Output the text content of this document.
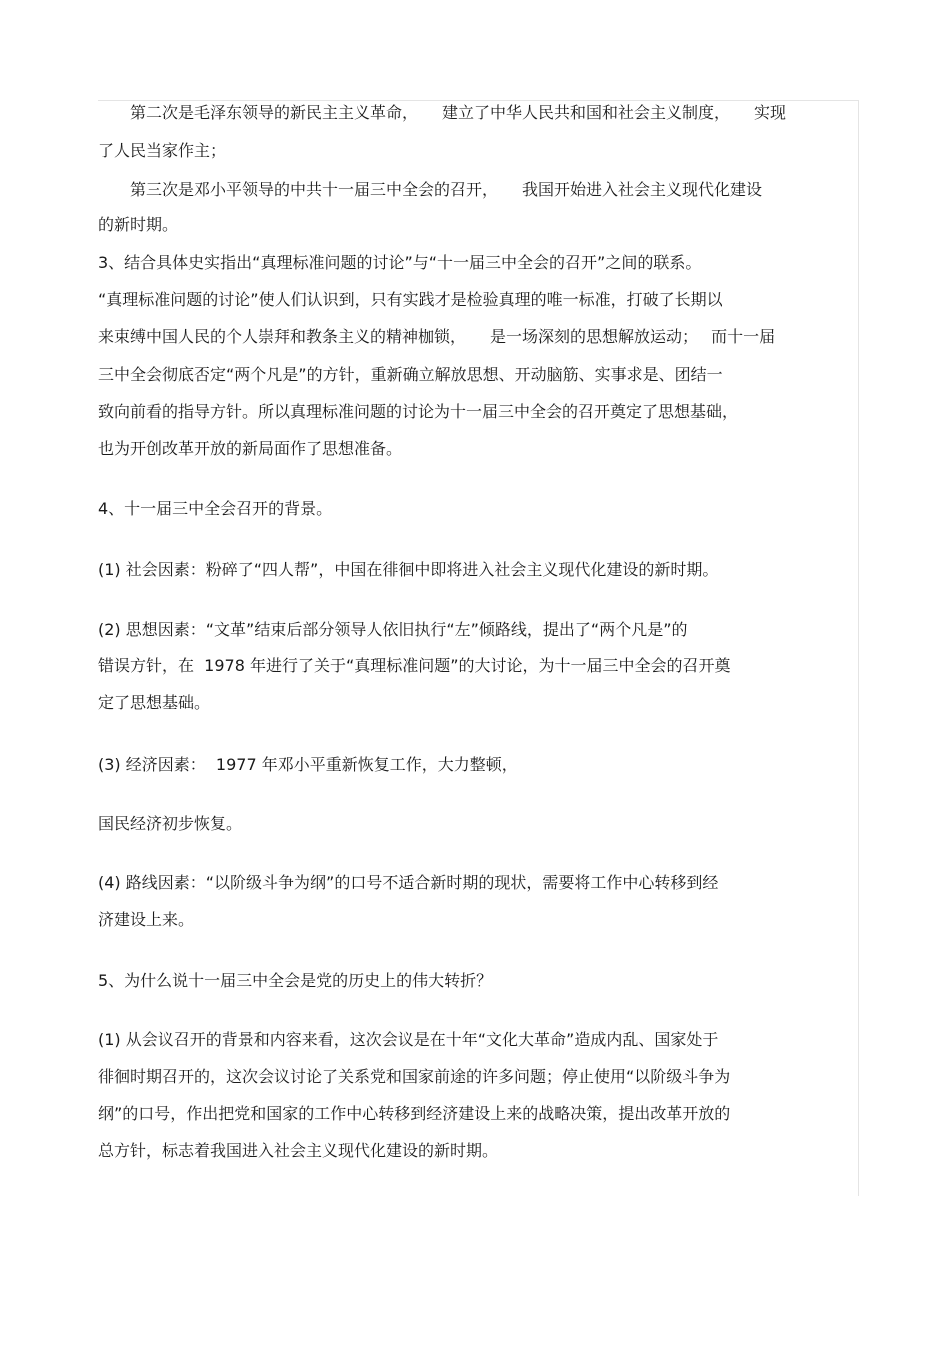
　　第二次是毛泽东领导的新民主主义革命，　　建立了中华人民共和国和社会主义制度，　　实现
了人民当家作主；
　　第三次是邓小平领导的中共十一届三中全会的召开，　　我国开始进入社会主义现代化建设
的新时期。
3、结合具体史实指出“真理标准问题的讨论”与“十一届三中全会的召开”之间的联系。
“真理标准问题的讨论”使人们认识到，只有实践才是检验真理的唯一标准，打破了长期以
来束缚中国人民的个人崇拜和教条主义的精神枷锁，　　是一场深刻的思想解放运动；　 而十一届
三中全会彻底否定“两个凡是”的方针，重新确立解放思想、开动脑筋、实事求是、团结一
致向前看的指导方针。所以真理标准问题的讨论为十一届三中全会的召开奠定了思想基础，
也为开创改革开放的新局面作了思想准备。
4、十一届三中全会召开的背景。
(1) 社会因素：粉碎了“四人帮”，中国在徘徊中即将进入社会主义现代化建设的新时期。
(2) 思想因素：“文革”结束后部分领导人依旧执行“左”倾路线，提出了“两个凡是”的
错误方针，在  1978 年进行了关于“真理标准问题”的大讨论，为十一届三中全会的召开奠
定了思想基础。
(3) 经济因素：  1977 年邓小平重新恢复工作，大力整顿，
国民经济初步恢复。
(4) 路线因素：“以阶级斗争为纲”的口号不适合新时期的现状，需要将工作中心转移到经
济建设上来。
5、为什么说十一届三中全会是党的历史上的伟大转折？
(1) 从会议召开的背景和内容来看，这次会议是在十年“文化大革命”造成内乱、国家处于
徘徊时期召开的，这次会议讨论了关系党和国家前途的许多问题；停止使用“以阶级斗争为
纲”的口号，作出把党和国家的工作中心转移到经济建设上来的战略决策，提出改革开放的
总方针，标志着我国进入社会主义现代化建设的新时期。
